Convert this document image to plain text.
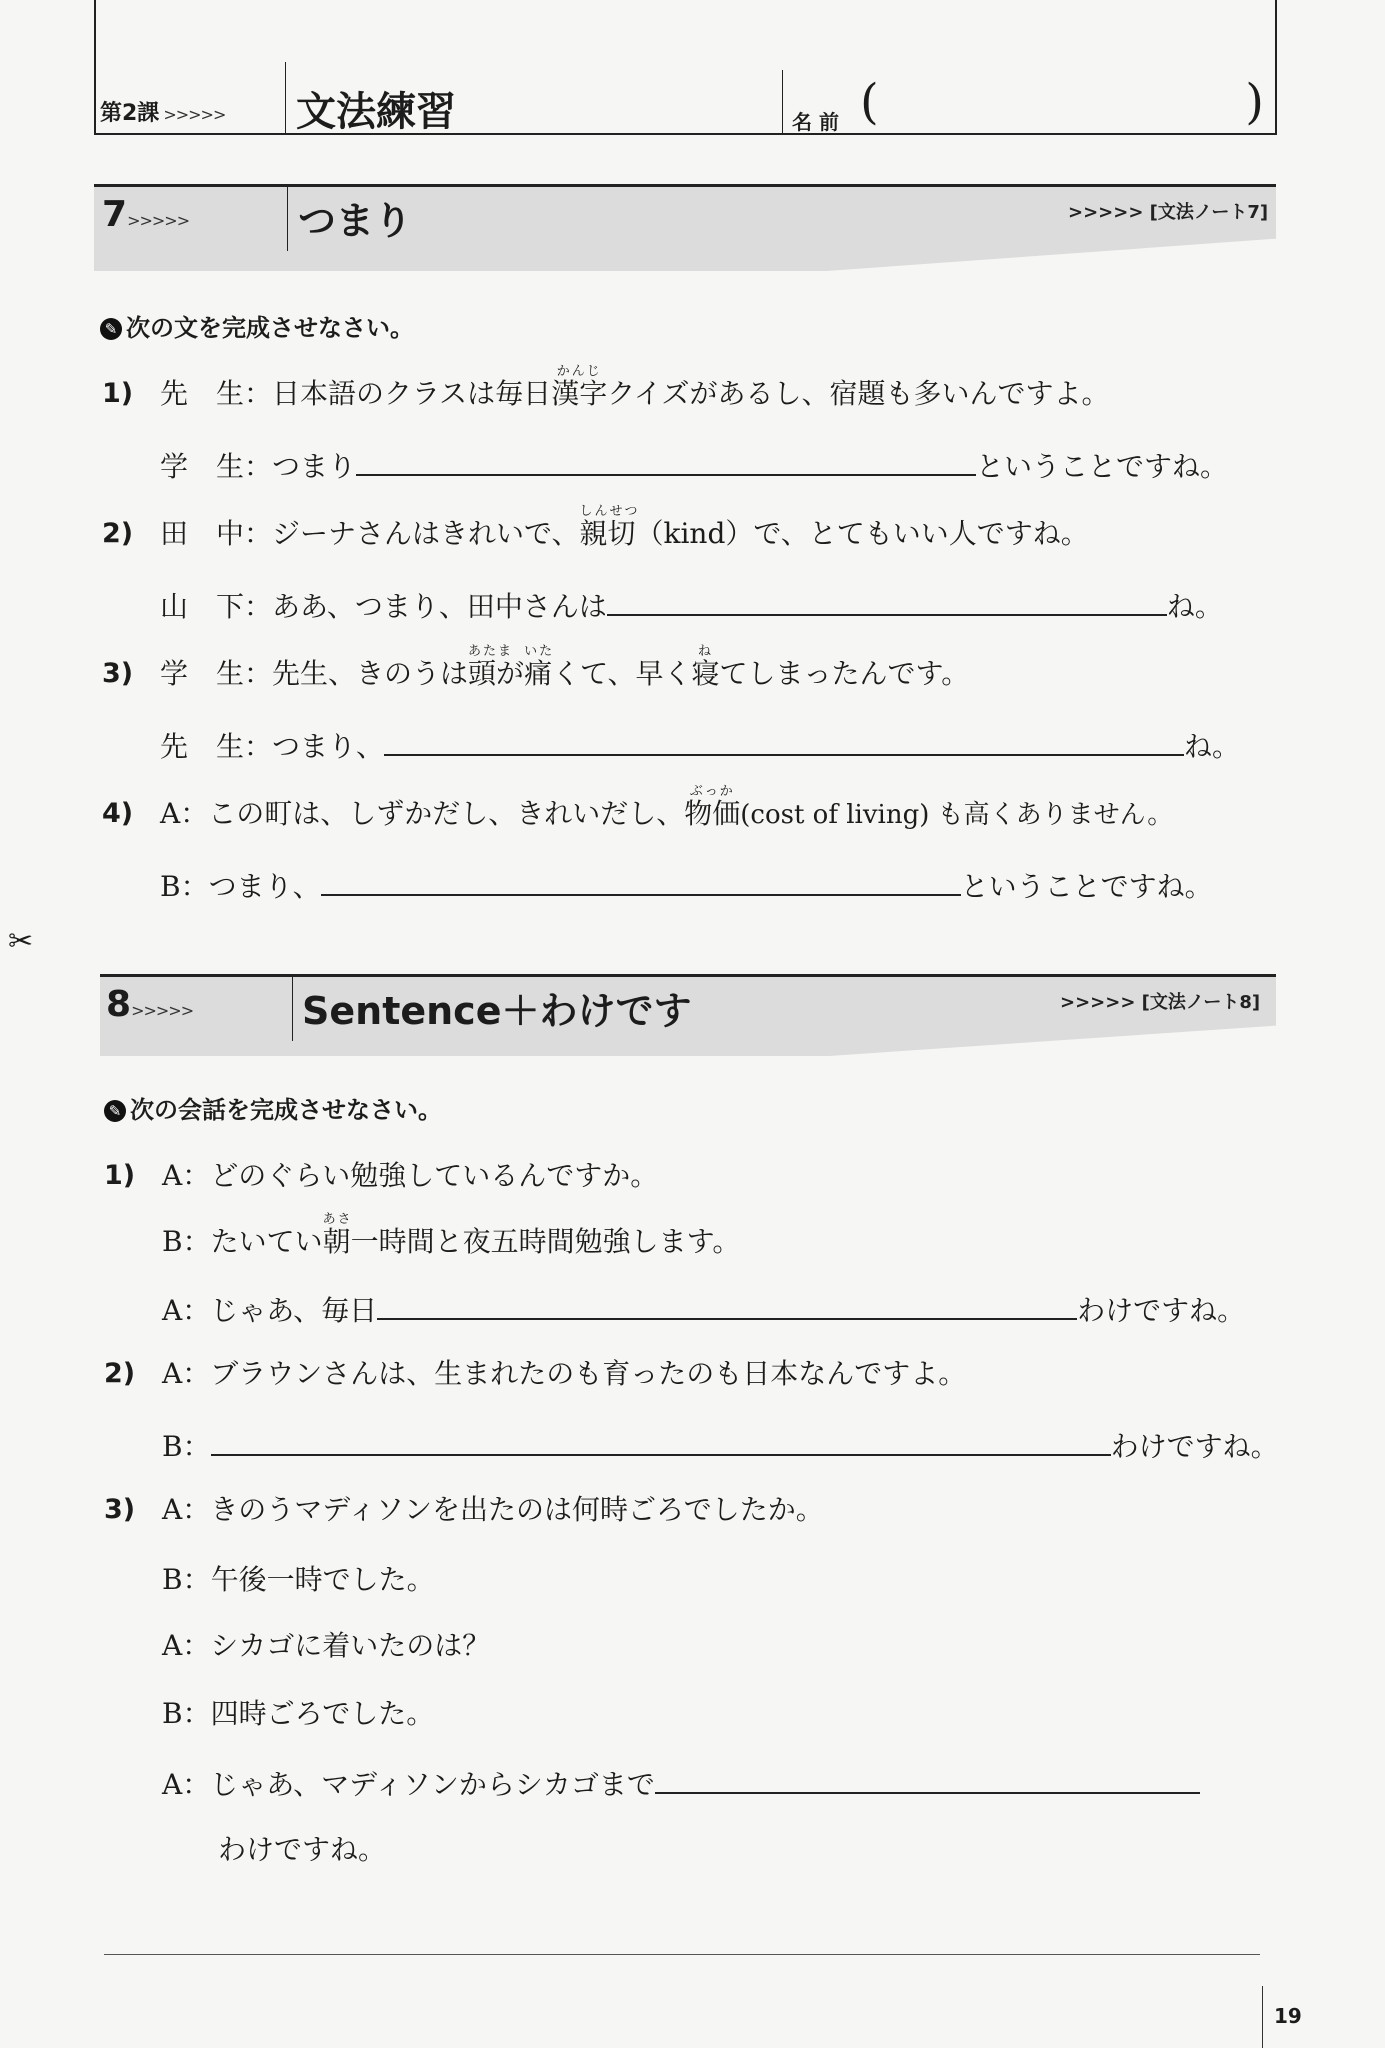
第2課 >>>>> 文法練習	名 前 (	)
7>>>>>	つまり	>>>>> [文法ノート7]
✎ 次の文を完成させなさい。
1) 先　生：日本語のクラスは毎日漢字
かんじ
クイズがあるし、宿題も多いんですよ。
学　生：つまり	ということですね。
2) 田　中：ジーナさんはきれいで、親切
しんせつ
（kind）で、とてもいい人ですね。
山　下：ああ、つまり、田中さんは	ね。
3) 学　生：先生、きのうは頭
あたま
が痛
いた
くて、早く寝
ね
てしまったんです。
先　生：つまり、	ね。
4) A：この町は、しずかだし、きれいだし、物価
ぶっか
(cost of living) も高くありません。
B：つまり、	ということですね。
✂
8>>>>>	Sentence＋わけです	>>>>> [文法ノート8]
✎ 次の会話を完成させなさい。
1) A：どのぐらい勉強しているんですか。
B：たいてい朝
あさ
一時間と夜五時間勉強します。
A：じゃあ、毎日	わけですね。
2) A：ブラウンさんは、生まれたのも育ったのも日本なんですよ。
B：	わけですね。
3) A：きのうマディソンを出たのは何時ごろでしたか。
B：午後一時でした。
A：シカゴに着いたのは？
B：四時ごろでした。
A：じゃあ、マディソンからシカゴまで
わけですね。
19
